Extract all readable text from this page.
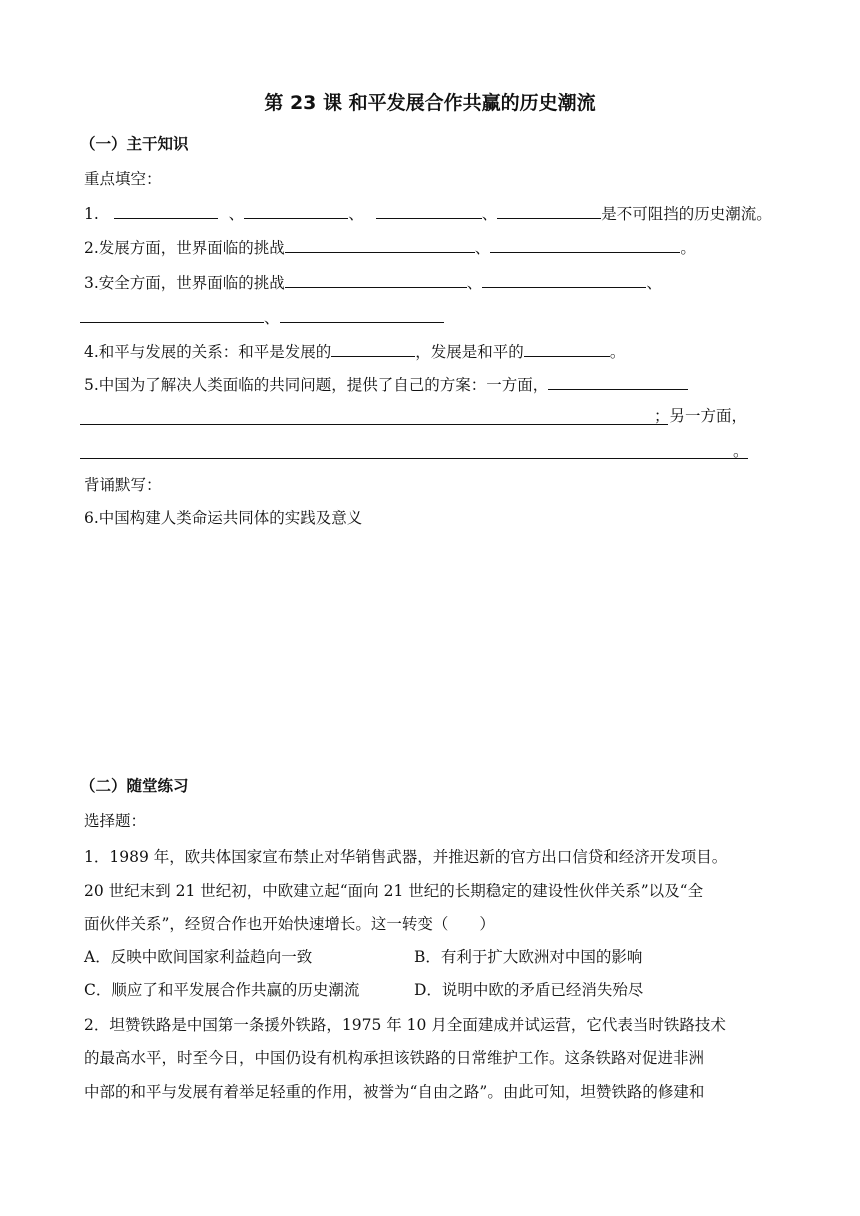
第 23 课 和平发展合作共赢的历史潮流
（一）主干知识
重点填空：
1.	、	、	、	是不可阻挡的历史潮流。
2.发展方面，世界面临的挑战	、	。
3.安全方面，世界面临的挑战	、	、
、
4.和平与发展的关系：和平是发展的	，发展是和平的	。
5.中国为了解决人类面临的共同问题，提供了自己的方案：一方面，
；另一方面，
。
背诵默写：
6.中国构建人类命运共同体的实践及意义
（二）随堂练习
选择题：
1．1989 年，欧共体国家宣布禁止对华销售武器，并推迟新的官方出口信贷和经济开发项目。
20 世纪末到 21 世纪初，中欧建立起“面向 21 世纪的长期稳定的建设性伙伴关系”以及“全
面伙伴关系”，经贸合作也开始快速增长。这一转变（　　）
A．反映中欧间国家利益趋向一致	B．有利于扩大欧洲对中国的影响
C．顺应了和平发展合作共赢的历史潮流	D．说明中欧的矛盾已经消失殆尽
2．坦赞铁路是中国第一条援外铁路，1975 年 10 月全面建成并试运营，它代表当时铁路技术
的最高水平，时至今日，中国仍设有机构承担该铁路的日常维护工作。这条铁路对促进非洲
中部的和平与发展有着举足轻重的作用，被誉为“自由之路”。由此可知，坦赞铁路的修建和
